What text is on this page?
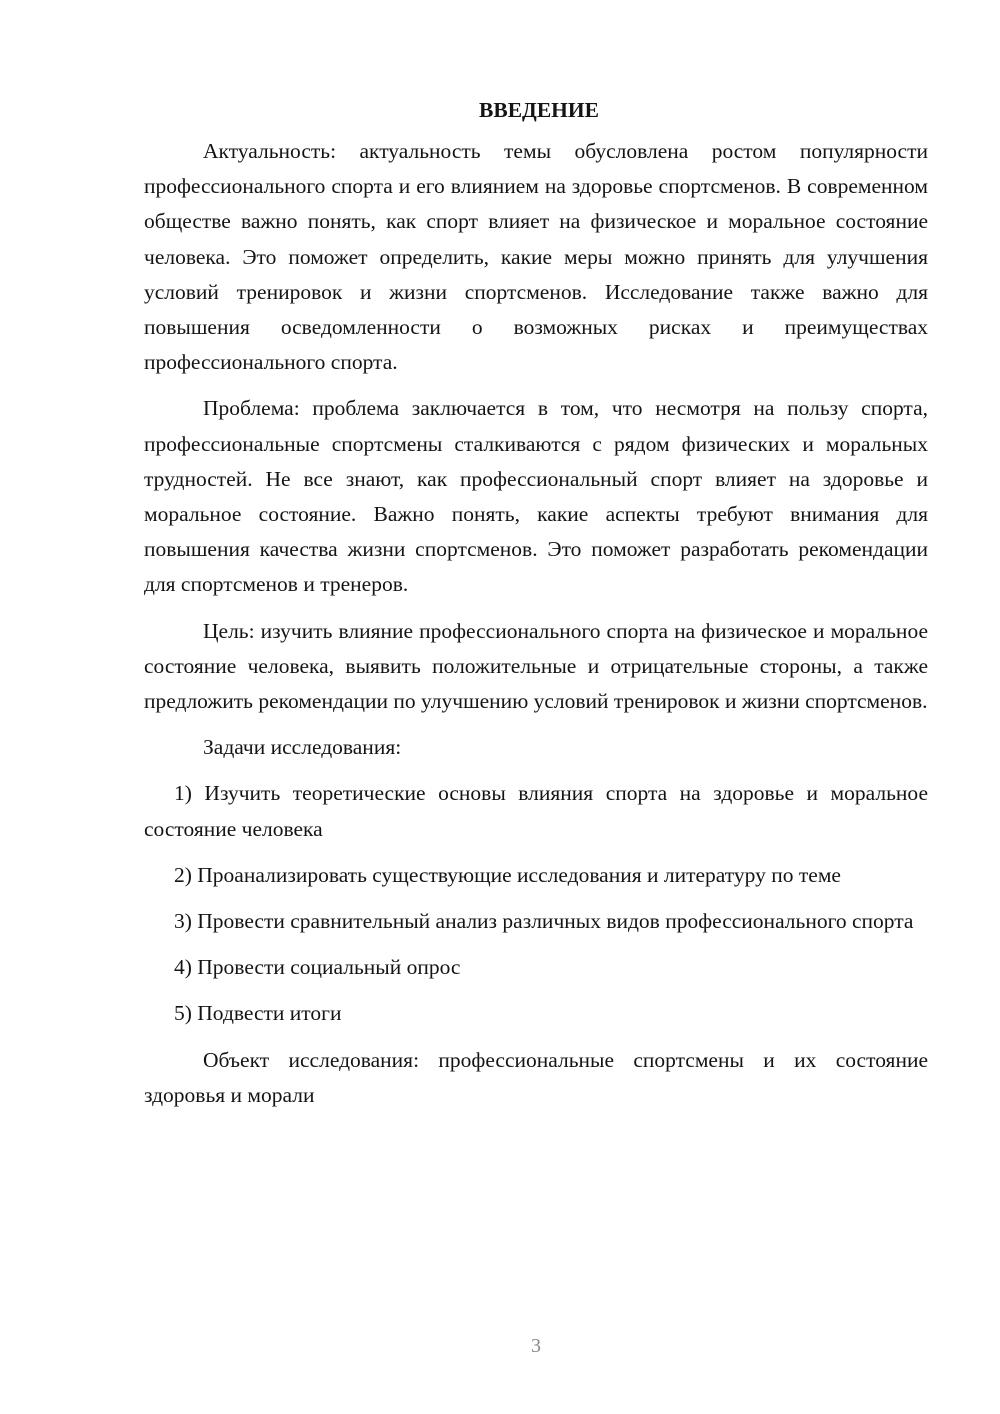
ВВЕДЕНИЕ

Актуальность: актуальность темы обусловлена ростом популярности профессионального спорта и его влиянием на здоровье спортсменов. В современном обществе важно понять, как спорт влияет на физическое и моральное состояние человека. Это поможет определить, какие меры можно принять для улучшения условий тренировок и жизни спортсменов. Исследование также важно для повышения осведомленности о возможных рисках и преимуществах профессионального спорта.

Проблема: проблема заключается в том, что несмотря на пользу спорта, профессиональные спортсмены сталкиваются с рядом физических и моральных трудностей. Не все знают, как профессиональный спорт влияет на здоровье и моральное состояние. Важно понять, какие аспекты требуют внимания для повышения качества жизни спортсменов. Это поможет разработать рекомендации для спортсменов и тренеров.

Цель: изучить влияние профессионального спорта на физическое и моральное состояние человека, выявить положительные и отрицательные стороны, а также предложить рекомендации по улучшению условий тренировок и жизни спортсменов.

Задачи исследования:

1) Изучить теоретические основы влияния спорта на здоровье и моральное состояние человека

2) Проанализировать существующие исследования и литературу по теме

3) Провести сравнительный анализ различных видов профессионального спорта

4) Провести социальный опрос

5) Подвести итоги

Объект исследования: профессиональные спортсмены и их состояние здоровья и морали

3
